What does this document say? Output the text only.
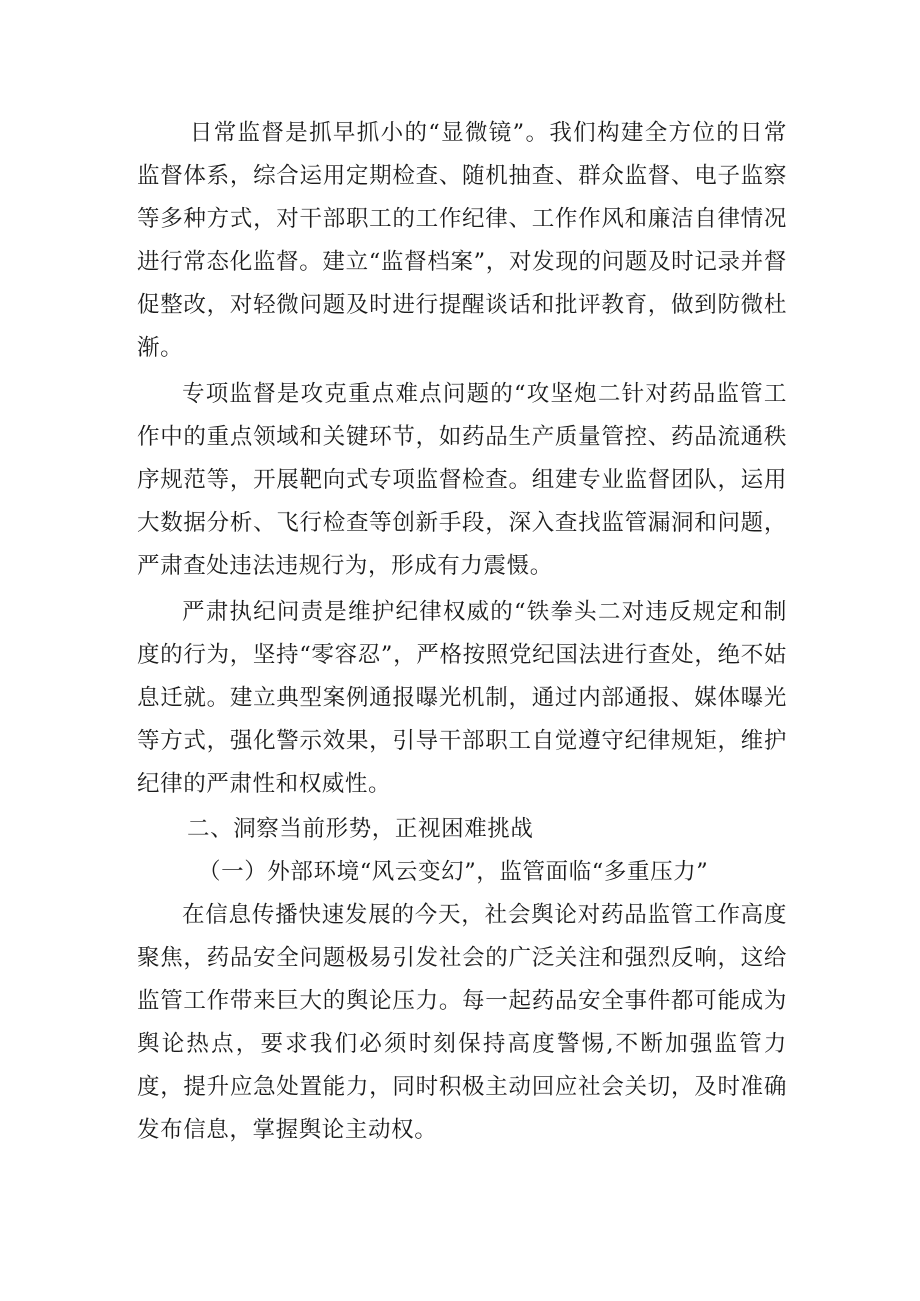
日常监督是抓早抓小的“显微镜”。我们构建全方位的日常监督体系，综合运用定期检查、随机抽查、群众监督、电子监察等多种方式，对干部职工的工作纪律、工作作风和廉洁自律情况进行常态化监督。建立“监督档案”，对发现的问题及时记录并督促整改，对轻微问题及时进行提醒谈话和批评教育，做到防微杜渐。

专项监督是攻克重点难点问题的“攻坚炮二针对药品监管工作中的重点领域和关键环节，如药品生产质量管控、药品流通秩序规范等，开展靶向式专项监督检查。组建专业监督团队，运用大数据分析、飞行检查等创新手段，深入查找监管漏洞和问题，严肃查处违法违规行为，形成有力震慑。

严肃执纪问责是维护纪律权威的“铁拳头二对违反规定和制度的行为，坚持“零容忍”，严格按照党纪国法进行查处，绝不姑息迁就。建立典型案例通报曝光机制，通过内部通报、媒体曝光等方式，强化警示效果，引导干部职工自觉遵守纪律规矩，维护纪律的严肃性和权威性。

二、洞察当前形势，正视困难挑战

（一）外部环境“风云变幻”，监管面临“多重压力”

在信息传播快速发展的今天，社会舆论对药品监管工作高度聚焦，药品安全问题极易引发社会的广泛关注和强烈反响，这给监管工作带来巨大的舆论压力。每一起药品安全事件都可能成为舆论热点，要求我们必须时刻保持高度警惕,不断加强监管力度，提升应急处置能力，同时积极主动回应社会关切，及时准确发布信息，掌握舆论主动权。
